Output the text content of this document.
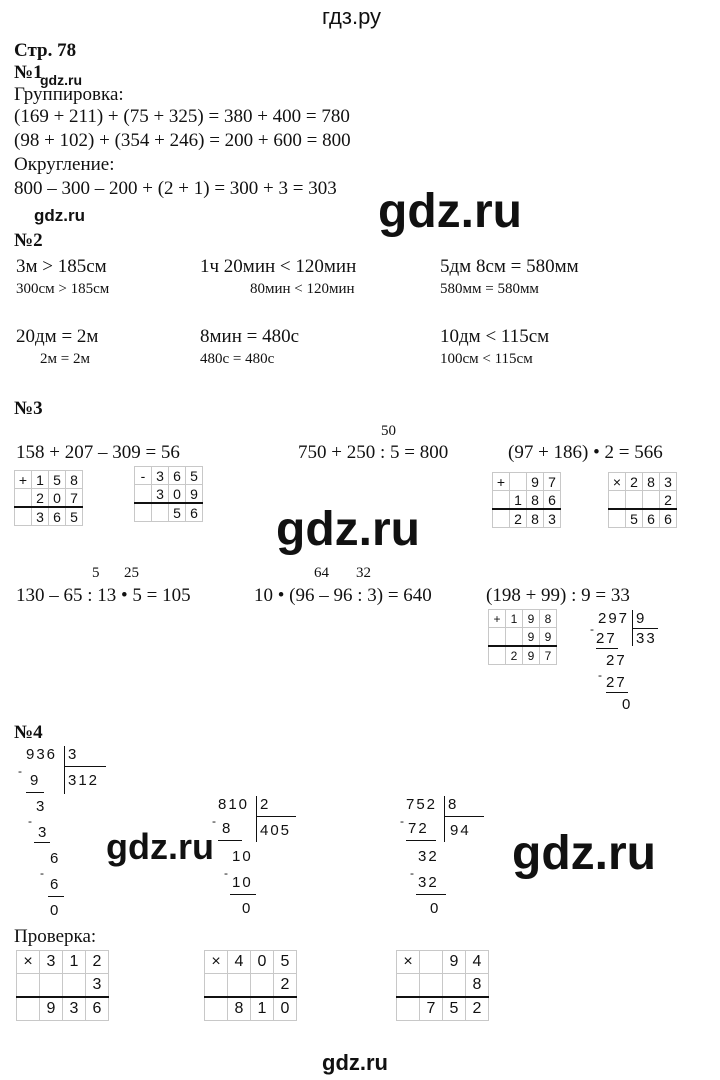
гдз.ру
Стр. 78
№1
gdz.ru
Группировка:
(169 + 211) + (75 + 325) = 380 + 400 = 780
(98 + 102) + (354 + 246) = 200 + 600 = 800
Округление:
800 – 300 – 200 + (2 + 1) = 300 + 3 = 303 gdz.ru
gdz.ru
№2
3м > 185см
300см > 185см
1ч 20мин < 120мин
80мин < 120мин
5дм 8см = 580мм
580мм = 580мм
20дм = 2м
2м = 2м
8мин = 480с
480с = 480с
10дм < 115см
100см < 115см
№3
50
158 + 207 – 309 = 56	750 + 250 : 5 = 800	(97 + 186) • 2 = 566
+	1	5	8
	2	0	7
	3	6	5
-	3	6	5
	3	0	9
		5	6
+		9	7
	1	8	6
	2	8	3
×	2	8	3
			2
	5	6	6
gdz.ru
5 25	64 32
130 – 65 : 13 • 5 = 105	10 • (96 – 96 : 3) = 640	(198 + 99) : 9 = 33
+	1	9	8
		9	9
	2	9	7
297 9
33
-
27
27
- 27
0
№4
936 3
312
-
9
3
-
3
6
-
6
0
810 2
405
- 8
10
-
10
0
752 8
94
- 72
32
-
32
0
gdz.ru	gdz.ru
Проверка:
×	3	1	2
			3
	9	3	6
×	4	0	5
			2
	8	1	0
×		9	4
			8
	7	5	2
gdz.ru
